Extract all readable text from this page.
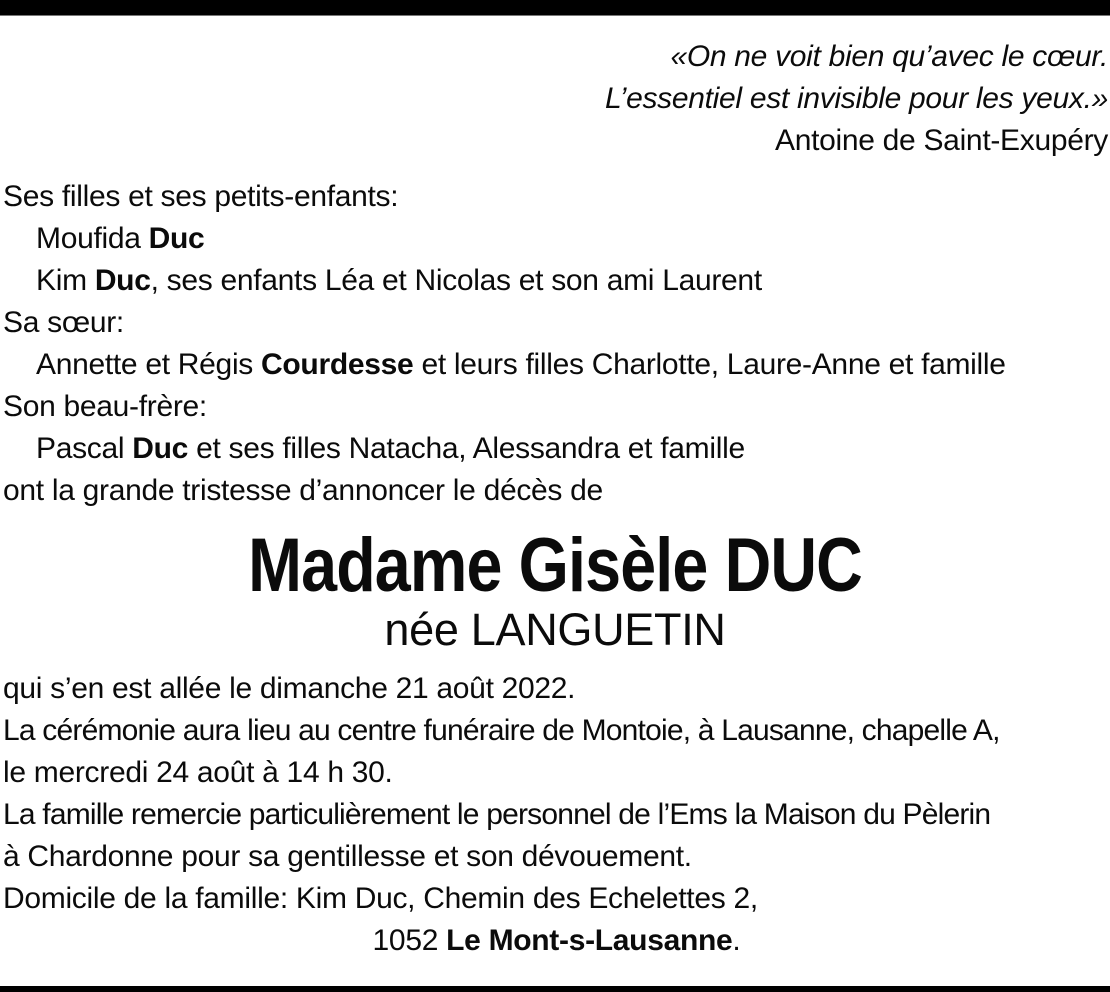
«On ne voit bien qu’avec le cœur.
L’essentiel est invisible pour les yeux.»
Antoine de Saint-Exupéry
Ses filles et ses petits-enfants:
Moufida Duc
Kim Duc, ses enfants Léa et Nicolas et son ami Laurent
Sa sœur:
Annette et Régis Courdesse et leurs filles Charlotte, Laure-Anne et famille
Son beau-frère:
Pascal Duc et ses filles Natacha, Alessandra et famille
ont la grande tristesse d’annoncer le décès de
Madame Gisèle DUC
née LANGUETIN
qui s’en est allée le dimanche 21 août 2022.
La cérémonie aura lieu au centre funéraire de Montoie, à Lausanne, chapelle A,
le mercredi 24 août à 14 h 30.
La famille remercie particulièrement le personnel de l’Ems la Maison du Pèlerin
à Chardonne pour sa gentillesse et son dévouement.
Domicile de la famille: Kim Duc, Chemin des Echelettes 2,
1052 Le Mont-s-Lausanne.
